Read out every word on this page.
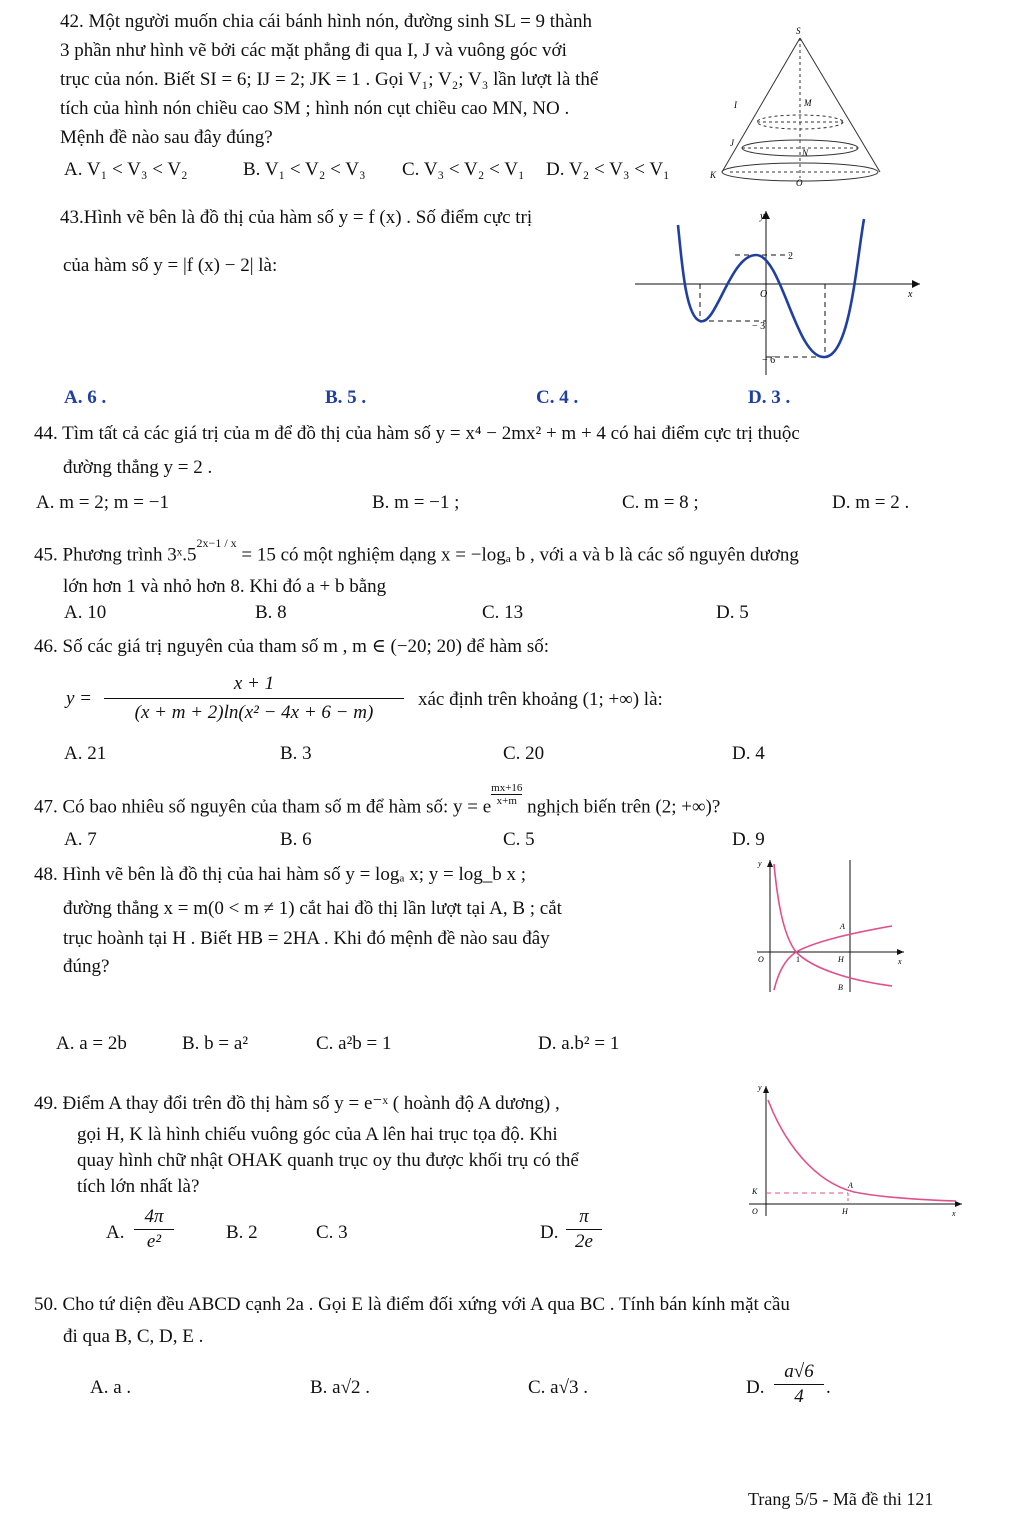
42. Một người muốn chia cái bánh hình nón, đường sinh SL = 9 thành
3 phần như hình vẽ bởi các mặt phẳng đi qua I, J và vuông góc với
trục của nón. Biết SI = 6; IJ = 2; JK = 1 . Gọi V₁; V₂; V₃ lần lượt là thể
tích của hình nón chiều cao SM ; hình nón cụt chiều cao MN, NO .
Mệnh đề nào sau đây đúng?
A. V₁ < V₃ < V₂	B. V₁ < V₂ < V₃ C. V₃ < V₂ < V₁ D. V₂ < V₃ < V₁
S
I	M
J
N
K
O
43.Hình vẽ bên là đồ thị của hàm số y = f (x) . Số điểm cực trị
của hàm số y = |f (x) − 2| là:
A. 6 .	B. 5 .	C. 4 .	D. 3 .
y
x
O
2
− 3
− 6
44. Tìm tất cả các giá trị của m để đồ thị của hàm số y = x⁴ − 2mx² + m + 4 có hai điểm cực trị thuộc
đường thẳng y = 2 .
A. m = 2; m = −1	B. m = −1 ;	C. m = 8 ;	D. m = 2 .
45. Phương trình $3ˣ.5^{2x-1 / x} = 15$ có một nghiệm dạng x = −logₐ b , với a và b là các số nguyên dương
lớn hơn 1 và nhỏ hơn 8. Khi đó a + b bằng
A. 10	B. 8	C. 13	D. 5
46. Số các giá trị nguyên của tham số m , m ∈ (−20; 20) để hàm số:
$y = \frac{x + 1}{\text{(x + m + 2)ln(x² − 4x + 6 − m)}}$ xác định trên khoảng (1; +∞) là:
A. 21	B. 3	C. 20	D. 4
47. Có bao nhiêu số nguyên của tham số m để hàm số: y = e $\frac{mx+16}{x+m}$ nghịch biến trên (2; +∞)?
A. 7	B. 6	C. 5	D. 9
48. Hình vẽ bên là đồ thị của hai hàm số y = logₐ x; y = log_b x ;
đường thẳng x = m(0 < m ≠ 1) cắt hai đồ thị lần lượt tại A, B ; cắt
trục hoành tại H . Biết HB = 2HA . Khi đó mệnh đề nào sau đây
đúng?
A. a = 2b	B. b = a²	C. a²b = 1	D. a.b² = 1
y
x
O	1
A
H
B
49. Điểm A thay đổi trên đồ thị hàm số y = e⁻ˣ ( hoành độ A dương) ,
gọi H, K là hình chiếu vuông góc của A lên hai trục tọa độ. Khi
quay hình chữ nhật OHAK quanh trục oy thu được khối trụ có thể
tích lớn nhất là?
A. $\frac{4\pi}{\text{e²}}$	B. 2	C. 3	D. $\frac{\pi}{2e}$
y
x
O
K
A
H
50. Cho tứ diện đều ABCD cạnh 2a . Gọi E là điểm đối xứng với A qua BC . Tính bán kính mặt cầu
đi qua B, C, D, E .
A. a .	B. a√2 .	C. a√3 .	D. $\frac{a√6}{4}$ .
Trang 5/5 - Mã đề thi 121
